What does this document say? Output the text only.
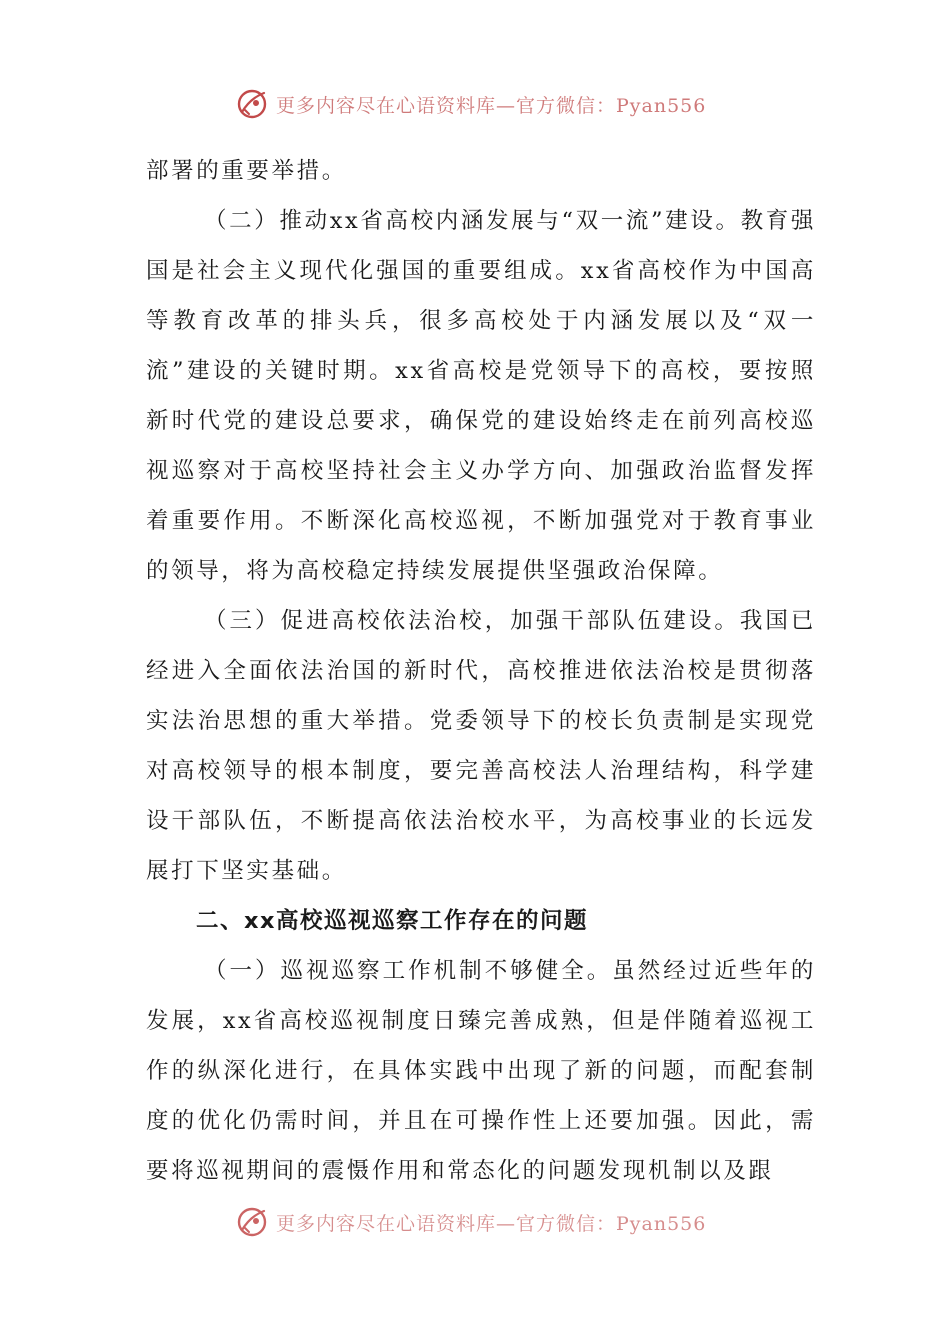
更多内容尽在心语资料库—官方微信：Pyan556

部署的重要举措。

（二）推动xx省高校内涵发展与“双一流”建设。教育强国是社会主义现代化强国的重要组成。xx省高校作为中国高等教育改革的排头兵，很多高校处于内涵发展以及“双一流”建设的关键时期。xx省高校是党领导下的高校，要按照新时代党的建设总要求，确保党的建设始终走在前列高校巡视巡察对于高校坚持社会主义办学方向、加强政治监督发挥着重要作用。不断深化高校巡视，不断加强党对于教育事业的领导，将为高校稳定持续发展提供坚强政治保障。

（三）促进高校依法治校，加强干部队伍建设。我国已经进入全面依法治国的新时代，高校推进依法治校是贯彻落实法治思想的重大举措。党委领导下的校长负责制是实现党对高校领导的根本制度，要完善高校法人治理结构，科学建设干部队伍，不断提高依法治校水平，为高校事业的长远发展打下坚实基础。

二、xx高校巡视巡察工作存在的问题

（一）巡视巡察工作机制不够健全。虽然经过近些年的发展，xx省高校巡视制度日臻完善成熟，但是伴随着巡视工作的纵深化进行，在具体实践中出现了新的问题，而配套制度的优化仍需时间，并且在可操作性上还要加强。因此，需要将巡视期间的震慑作用和常态化的问题发现机制以及跟

更多内容尽在心语资料库—官方微信：Pyan556
